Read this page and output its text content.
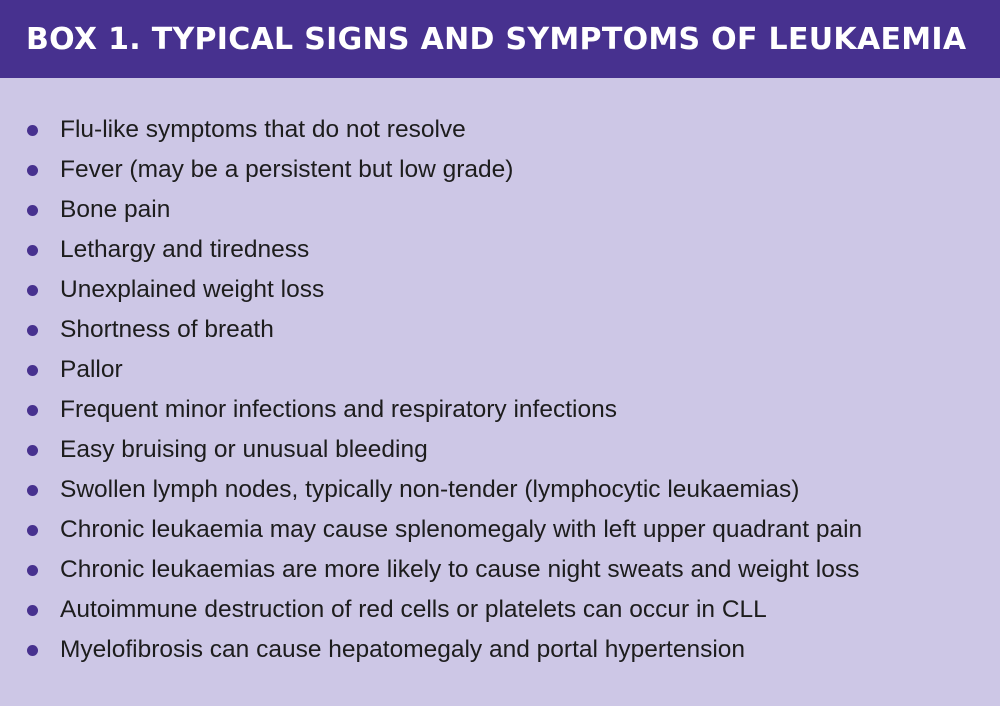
BOX 1. TYPICAL SIGNS AND SYMPTOMS OF LEUKAEMIA
Flu-like symptoms that do not resolve
Fever (may be a persistent but low grade)
Bone pain
Lethargy and tiredness
Unexplained weight loss
Shortness of breath
Pallor
Frequent minor infections and respiratory infections
Easy bruising or unusual bleeding
Swollen lymph nodes, typically non-tender (lymphocytic leukaemias)
Chronic leukaemia may cause splenomegaly with left upper quadrant pain
Chronic leukaemias are more likely to cause night sweats and weight loss
Autoimmune destruction of red cells or platelets can occur in CLL
Myelofibrosis can cause hepatomegaly and portal hypertension
